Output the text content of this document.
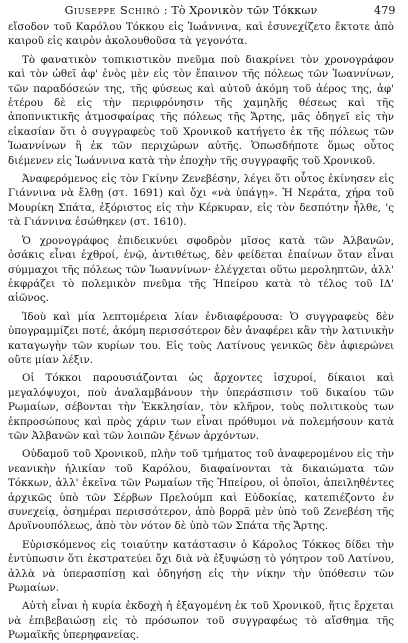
Giuseppe Schirò : Τὸ Χρονικὸν τῶν Τόκκων	479

εἴσοδον τοῦ Καρόλου Τόκκου εἰς Ἰωάννινα, καὶ ἐσυνεχίζετο ἔκτοτε ἀπὸ καιροῦ εἰς καιρὸν ἀκολουθοῦσα τὰ γεγονότα.

Τὸ φανατικὸν τοπικιστικὸν πνεῦμα ποὺ διακρίνει τὸν χρονογράφον καὶ τὸν ὠθεῖ ἀφ' ἑνὸς μὲν εἰς τὸν ἔπαινον τῆς πόλεως τῶν Ἰωαννίνων, τῶν παραδόσεών της, τῆς φύσεως καὶ αὐτοῦ ἀκόμη τοῦ ἀέρος της, ἀφ' ἑτέρου δὲ εἰς τὴν περιφρόνησιν τῆς χαμηλῆς θέσεως καὶ τῆς ἀποπνικτικῆς ἀτμοσφαίρας τῆς πόλεως τῆς Ἄρτης, μᾶς ὁδηγεῖ εἰς τὴν εἰκασίαν ὅτι ὁ συγγραφεὺς τοῦ Χρονικοῦ κατήγετο ἐκ τῆς πόλεως τῶν Ἰωαννίνων ἢ ἐκ τῶν περιχώρων αὐτῆς. Ὁπωσδήποτε ὅμως οὗτος διέμενεν εἰς Ἰωάννινα κατὰ τὴν ἐποχὴν τῆς συγγραφῆς τοῦ Χρονικοῦ.

Ἀναφερόμενος εἰς τὸν Γκίνην Ζενεβέσην, λέγει ὅτι οὗτος ἐκίνησεν εἰς Γιάννινα νὰ ἔλθῃ (στ. 1691) καὶ ὄχι «νὰ ὑπάγῃ». Ἡ Νεράτα, χήρα τοῦ Μουρίκη Σπάτα, ἐξόριστος εἰς τὴν Κέρκυραν, εἰς τὸν δεσπότην ἦλθε, 'ς τὰ Γιάννινα ἐσώθηκεν (στ. 1610).

Ὁ χρονογράφος ἐπιδεικνύει σφοδρὸν μῖσος κατὰ τῶν Ἀλβανῶν, ὁσάκις εἶναι ἐχθροί, ἐνῷ, ἀντιθέτως, δὲν φείδεται ἐπαίνων ὅταν εἶναι σύμμαχοι τῆς πόλεως τῶν Ἰωαννίνων· ἐλέγχεται οὕτω μεροληπτῶν, ἀλλ' ἐκφράζει τὸ πολεμικὸν πνεῦμα τῆς Ἠπείρου κατὰ τὸ τέλος τοῦ ΙΔ' αἰῶνος.

Ἰδοὺ καὶ μία λεπτομέρεια λίαν ἐνδιαφέρουσα: Ὁ συγγραφεὺς δὲν ὑπογραμμίζει ποτέ, ἀκόμη περισσότερον δὲν ἀναφέρει κἂν τὴν λατινικὴν καταγωγὴν τῶν κυρίων του. Εἰς τοὺς Λατίνους γενικῶς δὲν ἀφιερώνει οὔτε μίαν λέξιν.

Οἱ Τόκκοι παρουσιάζονται ὡς ἄρχοντες ἰσχυροί, δίκαιοι καὶ μεγαλόψυχοι, ποὺ ἀναλαμβάνουν τὴν ὑπεράσπισιν τοῦ δικαίου τῶν Ρωμαίων, σέβονται τὴν Ἐκκλησίαν, τὸν κλῆρον, τοὺς πολιτικοὺς των ἐκπροσώπους καὶ πρὸς χάριν των εἶναι πρόθυμοι νὰ πολεμήσουν κατὰ τῶν Ἀλβανῶν καὶ τῶν λοιπῶν ξένων ἀρχόντων.

Οὐδαμοῦ τοῦ Χρονικοῦ, πλὴν τοῦ τμήματος τοῦ ἀναφερομένου εἰς τὴν νεανικὴν ἡλικίαν τοῦ Καρόλου, διαφαίνονται τὰ δικαιώματα τῶν Τόκκων, ἀλλ' ἐκεῖνα τῶν Ρωμαίων τῆς Ἠπείρου, οἱ ὁποῖοι, ἀπειληθέντες ἀρχικῶς ὑπὸ τῶν Σέρβων Πρελούμπ καὶ Εὐδοκίας, κατεπιέζοντο ἐν συνεχείᾳ, ὁσημέραι περισσότερον, ἀπὸ βορρᾶ μὲν ὑπὸ τοῦ Ζενεβέση τῆς Δρυϊνουπόλεως, ἀπὸ τὸν νότον δὲ ὑπὸ τῶν Σπάτα τῆς Ἄρτης.

Εὐρισκόμενος εἰς τοιαύτην κατάστασιν ὁ Κάρολος Τόκκος δίδει τὴν ἐντύπωσιν ὅτι ἐκστρατεύει ὄχι διὰ νὰ ἐξυψώσῃ τὸ γόητρον τοῦ Λατίνου, ἀλλὰ νὰ ὑπερασπίσῃ καὶ ὁδηγήσῃ εἰς τὴν νίκην τὴν ὑπόθεσιν τῶν Ρωμαίων.

Αὐτὴ εἶναι ἡ κυρία ἐκδοχὴ ἡ ἐξαγομένη ἐκ τοῦ Χρονικοῦ, ἥτις ἔρχεται νὰ ἐπιβεβαιώσῃ εἰς τὸ πρόσωπον τοῦ συγγραφέως τὸ αἴσθημα τῆς Ρωμαϊκῆς ὑπερηφανείας.
